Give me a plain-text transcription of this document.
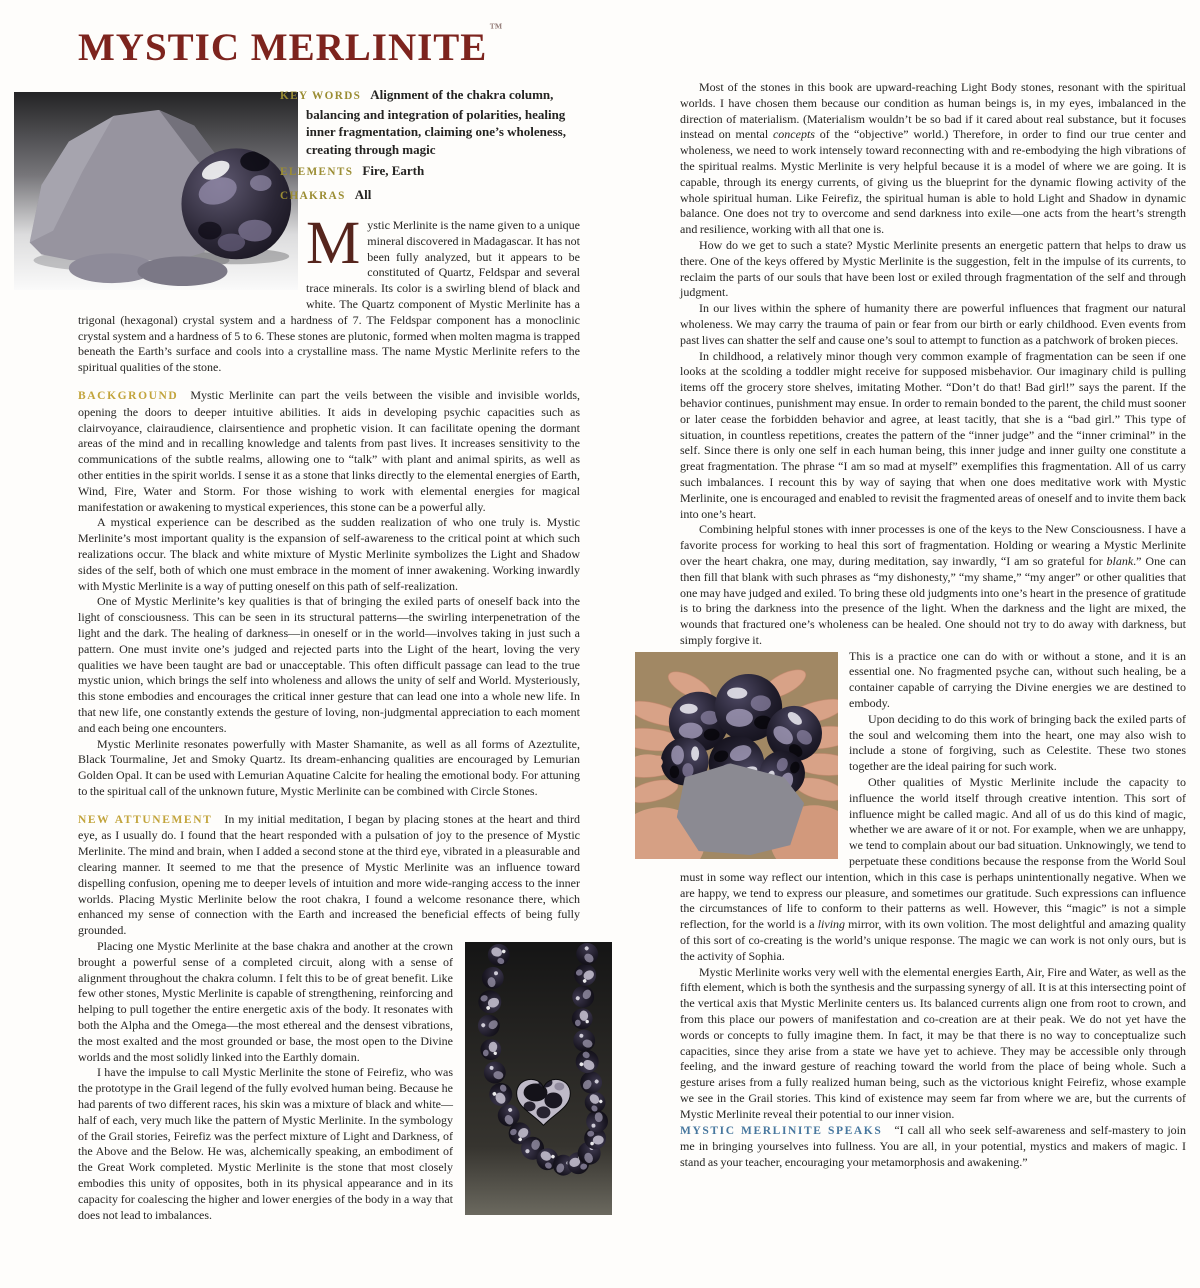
MYSTIC MERLINITE ™

KEY WORDS Alignment of the chakra column, balancing and integration of polarities, healing inner fragmentation, claiming one’s wholeness, creating through magic

ELEMENTS Fire, Earth

CHAKRAS All

Mystic Merlinite is the name given to a unique mineral discovered in Madagascar. It has not been fully analyzed, but it appears to be constituted of Quartz, Feldspar and several trace minerals. Its color is a swirling blend of black and white. The Quartz component of Mystic Merlinite has a trigonal (hexagonal) crystal system and a hardness of 7. The Feldspar component has a monoclinic crystal system and a hardness of 5 to 6. These stones are plutonic, formed when molten magma is trapped beneath the Earth’s surface and cools into a crystalline mass. The name Mystic Merlinite refers to the spiritual qualities of the stone.

BACKGROUND Mystic Merlinite can part the veils between the visible and invisible worlds, opening the doors to deeper intuitive abilities. It aids in developing psychic capacities such as clairvoyance, clairaudience, clairsentience and prophetic vision. It can facilitate opening the dormant areas of the mind and in recalling knowledge and talents from past lives. It increases sensitivity to the communications of the subtle realms, allowing one to “talk” with plant and animal spirits, as well as other entities in the spirit worlds. I sense it as a stone that links directly to the elemental energies of Earth, Wind, Fire, Water and Storm. For those wishing to work with elemental energies for magical manifestation or awakening to mystical experiences, this stone can be a powerful ally.

A mystical experience can be described as the sudden realization of who one truly is. Mystic Merlinite’s most important quality is the expansion of self-awareness to the critical point at which such realizations occur. The black and white mixture of Mystic Merlinite symbolizes the Light and Shadow sides of the self, both of which one must embrace in the moment of inner awakening. Working inwardly with Mystic Merlinite is a way of putting oneself on this path of self-realization.

One of Mystic Merlinite’s key qualities is that of bringing the exiled parts of oneself back into the light of consciousness. This can be seen in its structural patterns—the swirling interpenetration of the light and the dark. The healing of darkness—in oneself or in the world—involves taking in just such a pattern. One must invite one’s judged and rejected parts into the Light of the heart, loving the very qualities we have been taught are bad or unacceptable. This often difficult passage can lead to the true mystic union, which brings the self into wholeness and allows the unity of self and World. Mysteriously, this stone embodies and encourages the critical inner gesture that can lead one into a whole new life. In that new life, one constantly extends the gesture of loving, non-judgmental appreciation to each moment and each being one encounters.

Mystic Merlinite resonates powerfully with Master Shamanite, as well as all forms of Azeztulite, Black Tourmaline, Jet and Smoky Quartz. Its dream-enhancing qualities are encouraged by Lemurian Golden Opal. It can be used with Lemurian Aquatine Calcite for healing the emotional body. For attuning to the spiritual call of the unknown future, Mystic Merlinite can be combined with Circle Stones.

NEW ATTUNEMENT In my initial meditation, I began by placing stones at the heart and third eye, as I usually do. I found that the heart responded with a pulsation of joy to the presence of Mystic Merlinite. The mind and brain, when I added a second stone at the third eye, vibrated in a pleasurable and clearing manner. It seemed to me that the presence of Mystic Merlinite was an influence toward dispelling confusion, opening me to deeper levels of intuition and more wide-ranging access to the inner worlds. Placing Mystic Merlinite below the root chakra, I found a welcome resonance there, which enhanced my sense of connection with the Earth and increased the beneficial effects of being fully grounded.

Placing one Mystic Merlinite at the base chakra and another at the crown brought a powerful sense of a completed circuit, along with a sense of alignment throughout the chakra column. I felt this to be of great benefit. Like few other stones, Mystic Merlinite is capable of strengthening, reinforcing and helping to pull together the entire energetic axis of the body. It resonates with both the Alpha and the Omega—the most ethereal and the densest vibrations, the most exalted and the most grounded or base, the most open to the Divine worlds and the most solidly linked into the Earthly domain.

I have the impulse to call Mystic Merlinite the stone of Feirefiz, who was the prototype in the Grail legend of the fully evolved human being. Because he had parents of two different races, his skin was a mixture of black and white—half of each, very much like the pattern of Mystic Merlinite. In the symbology of the Grail stories, Feirefiz was the perfect mixture of Light and Darkness, of the Above and the Below. He was, alchemically speaking, an embodiment of the Great Work completed. Mystic Merlinite is the stone that most closely embodies this unity of opposites, both in its physical appearance and in its capacity for coalescing the higher and lower energies of the body in a way that does not lead to imbalances.

Most of the stones in this book are upward-reaching Light Body stones, resonant with the spiritual worlds. I have chosen them because our condition as human beings is, in my eyes, imbalanced in the direction of materialism. (Materialism wouldn’t be so bad if it cared about real substance, but it focuses instead on mental concepts of the “objective” world.) Therefore, in order to find our true center and wholeness, we need to work intensely toward reconnecting with and re-embodying the high vibrations of the spiritual realms. Mystic Merlinite is very helpful because it is a model of where we are going. It is capable, through its energy currents, of giving us the blueprint for the dynamic flowing activity of the whole spiritual human. Like Feirefiz, the spiritual human is able to hold Light and Shadow in dynamic balance. One does not try to overcome and send darkness into exile—one acts from the heart’s strength and resilience, working with all that one is.

How do we get to such a state? Mystic Merlinite presents an energetic pattern that helps to draw us there. One of the keys offered by Mystic Merlinite is the suggestion, felt in the impulse of its currents, to reclaim the parts of our souls that have been lost or exiled through fragmentation of the self and through judgment.

In our lives within the sphere of humanity there are powerful influences that fragment our natural wholeness. We may carry the trauma of pain or fear from our birth or early childhood. Even events from past lives can shatter the self and cause one’s soul to attempt to function as a patchwork of broken pieces.

In childhood, a relatively minor though very common example of fragmentation can be seen if one looks at the scolding a toddler might receive for supposed misbehavior. Our imaginary child is pulling items off the grocery store shelves, imitating Mother. “Don’t do that! Bad girl!” says the parent. If the behavior continues, punishment may ensue. In order to remain bonded to the parent, the child must sooner or later cease the forbidden behavior and agree, at least tacitly, that she is a “bad girl.” This type of situation, in countless repetitions, creates the pattern of the “inner judge” and the “inner criminal” in the self. Since there is only one self in each human being, this inner judge and inner guilty one constitute a great fragmentation. The phrase “I am so mad at myself” exemplifies this fragmentation. All of us carry such imbalances. I recount this by way of saying that when one does meditative work with Mystic Merlinite, one is encouraged and enabled to revisit the fragmented areas of oneself and to invite them back into one’s heart.

Combining helpful stones with inner processes is one of the keys to the New Consciousness. I have a favorite process for working to heal this sort of fragmentation. Holding or wearing a Mystic Merlinite over the heart chakra, one may, during meditation, say inwardly, “I am so grateful for blank.” One can then fill that blank with such phrases as “my dishonesty,” “my shame,” “my anger” or other qualities that one may have judged and exiled. To bring these old judgments into one’s heart in the presence of gratitude is to bring the darkness into the presence of the light. When the darkness and the light are mixed, the wounds that fractured one’s wholeness can be healed. One should not try to do away with darkness, but simply forgive it.

This is a practice one can do with or without a stone, and it is an essential one. No fragmented psyche can, without such healing, be a container capable of carrying the Divine energies we are destined to embody.

Upon deciding to do this work of bringing back the exiled parts of the soul and welcoming them into the heart, one may also wish to include a stone of forgiving, such as Celestite. These two stones together are the ideal pairing for such work.

Other qualities of Mystic Merlinite include the capacity to influence the world itself through creative intention. This sort of influence might be called magic. And all of us do this kind of magic, whether we are aware of it or not. For example, when we are unhappy, we tend to complain about our bad situation. Unknowingly, we tend to perpetuate these conditions because the response from the World Soul must in some way reflect our intention, which in this case is perhaps unintentionally negative. When we are happy, we tend to express our pleasure, and sometimes our gratitude. Such expressions can influence the circumstances of life to conform to their patterns as well. However, this “magic” is not a simple reflection, for the world is a living mirror, with its own volition. The most delightful and amazing quality of this sort of co-creating is the world’s unique response. The magic we can work is not only ours, but is the activity of Sophia.

Mystic Merlinite works very well with the elemental energies Earth, Air, Fire and Water, as well as the fifth element, which is both the synthesis and the surpassing synergy of all. It is at this intersecting point of the vertical axis that Mystic Merlinite centers us. Its balanced currents align one from root to crown, and from this place our powers of manifestation and co-creation are at their peak. We do not yet have the words or concepts to fully imagine them. In fact, it may be that there is no way to conceptualize such capacities, since they arise from a state we have yet to achieve. They may be accessible only through feeling, and the inward gesture of reaching toward the world from the place of being whole. Such a gesture arises from a fully realized human being, such as the victorious knight Feirefiz, whose example we see in the Grail stories. This kind of existence may seem far from where we are, but the currents of Mystic Merlinite reveal their potential to our inner vision.

MYSTIC MERLINITE SPEAKS “I call all who seek self-awareness and self-mastery to join me in bringing yourselves into fullness. You are all, in your potential, mystics and makers of magic. I stand as your teacher, encouraging your metamorphosis and awakening.”
